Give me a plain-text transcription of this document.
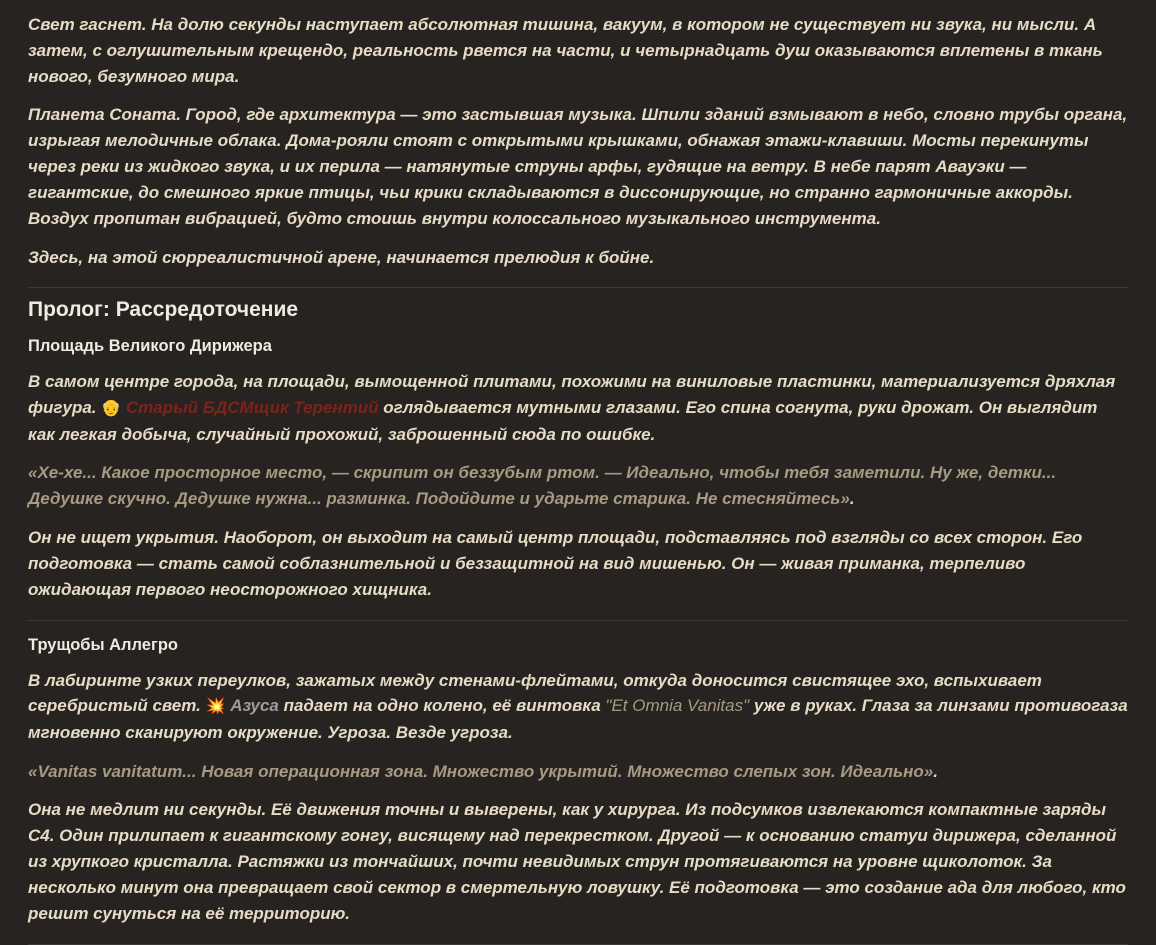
Свет гаснет. На долю секунды наступает абсолютная тишина, вакуум, в котором не существует ни звука, ни мысли. А затем, с оглушительным крещендо, реальность рвется на части, и четырнадцать душ оказываются вплетены в ткань нового, безумного мира.

Планета Соната. Город, где архитектура — это застывшая музыка. Шпили зданий взмывают в небо, словно трубы органа, изрыгая мелодичные облака. Дома-рояли стоят с открытыми крышками, обнажая этажи-клавиши. Мосты перекинуты через реки из жидкого звука, и их перила — натянутые струны арфы, гудящие на ветру. В небе парят Авауэки — гигантские, до смешного яркие птицы, чьи крики складываются в диссонирующие, но странно гармоничные аккорды. Воздух пропитан вибрацией, будто стоишь внутри колоссального музыкального инструмента.

Здесь, на этой сюрреалистичной арене, начинается прелюдия к бойне.

Пролог: Рассредоточение
Площадь Великого Дирижера

В самом центре города, на площади, вымощенной плитами, похожими на виниловые пластинки, материализуется дряхлая фигура. 👴 Старый БДСМщик Терентий оглядывается мутными глазами. Его спина согнута, руки дрожат. Он выглядит как легкая добыча, случайный прохожий, заброшенный сюда по ошибке.

«Хе-хе... Какое просторное место, — скрипит он беззубым ртом. — Идеально, чтобы тебя заметили. Ну же, детки... Дедушке скучно. Дедушке нужна... разминка. Подойдите и ударьте старика. Не стесняйтесь».

Он не ищет укрытия. Наоборот, он выходит на самый центр площади, подставляясь под взгляды со всех сторон. Его подготовка — стать самой соблазнительной и беззащитной на вид мишенью. Он — живая приманка, терпеливо ожидающая первого неосторожного хищника.

Трущобы Аллегро

В лабиринте узких переулков, зажатых между стенами-флейтами, откуда доносится свистящее эхо, вспыхивает серебристый свет. 💥 Азуса падает на одно колено, её винтовка "Et Omnia Vanitas" уже в руках. Глаза за линзами противогаза мгновенно сканируют окружение. Угроза. Везде угроза.

«Vanitas vanitatum... Новая операционная зона. Множество укрытий. Множество слепых зон. Идеально».

Она не медлит ни секунды. Её движения точны и выверены, как у хирурга. Из подсумков извлекаются компактные заряды C4. Один прилипает к гигантскому гонгу, висящему над перекрестком. Другой — к основанию статуи дирижера, сделанной из хрупкого кристалла. Растяжки из тончайших, почти невидимых струн протягиваются на уровне щиколоток. За несколько минут она превращает свой сектор в смертельную ловушку. Её подготовка — это создание ада для любого, кто решит сунуться на её территорию.
